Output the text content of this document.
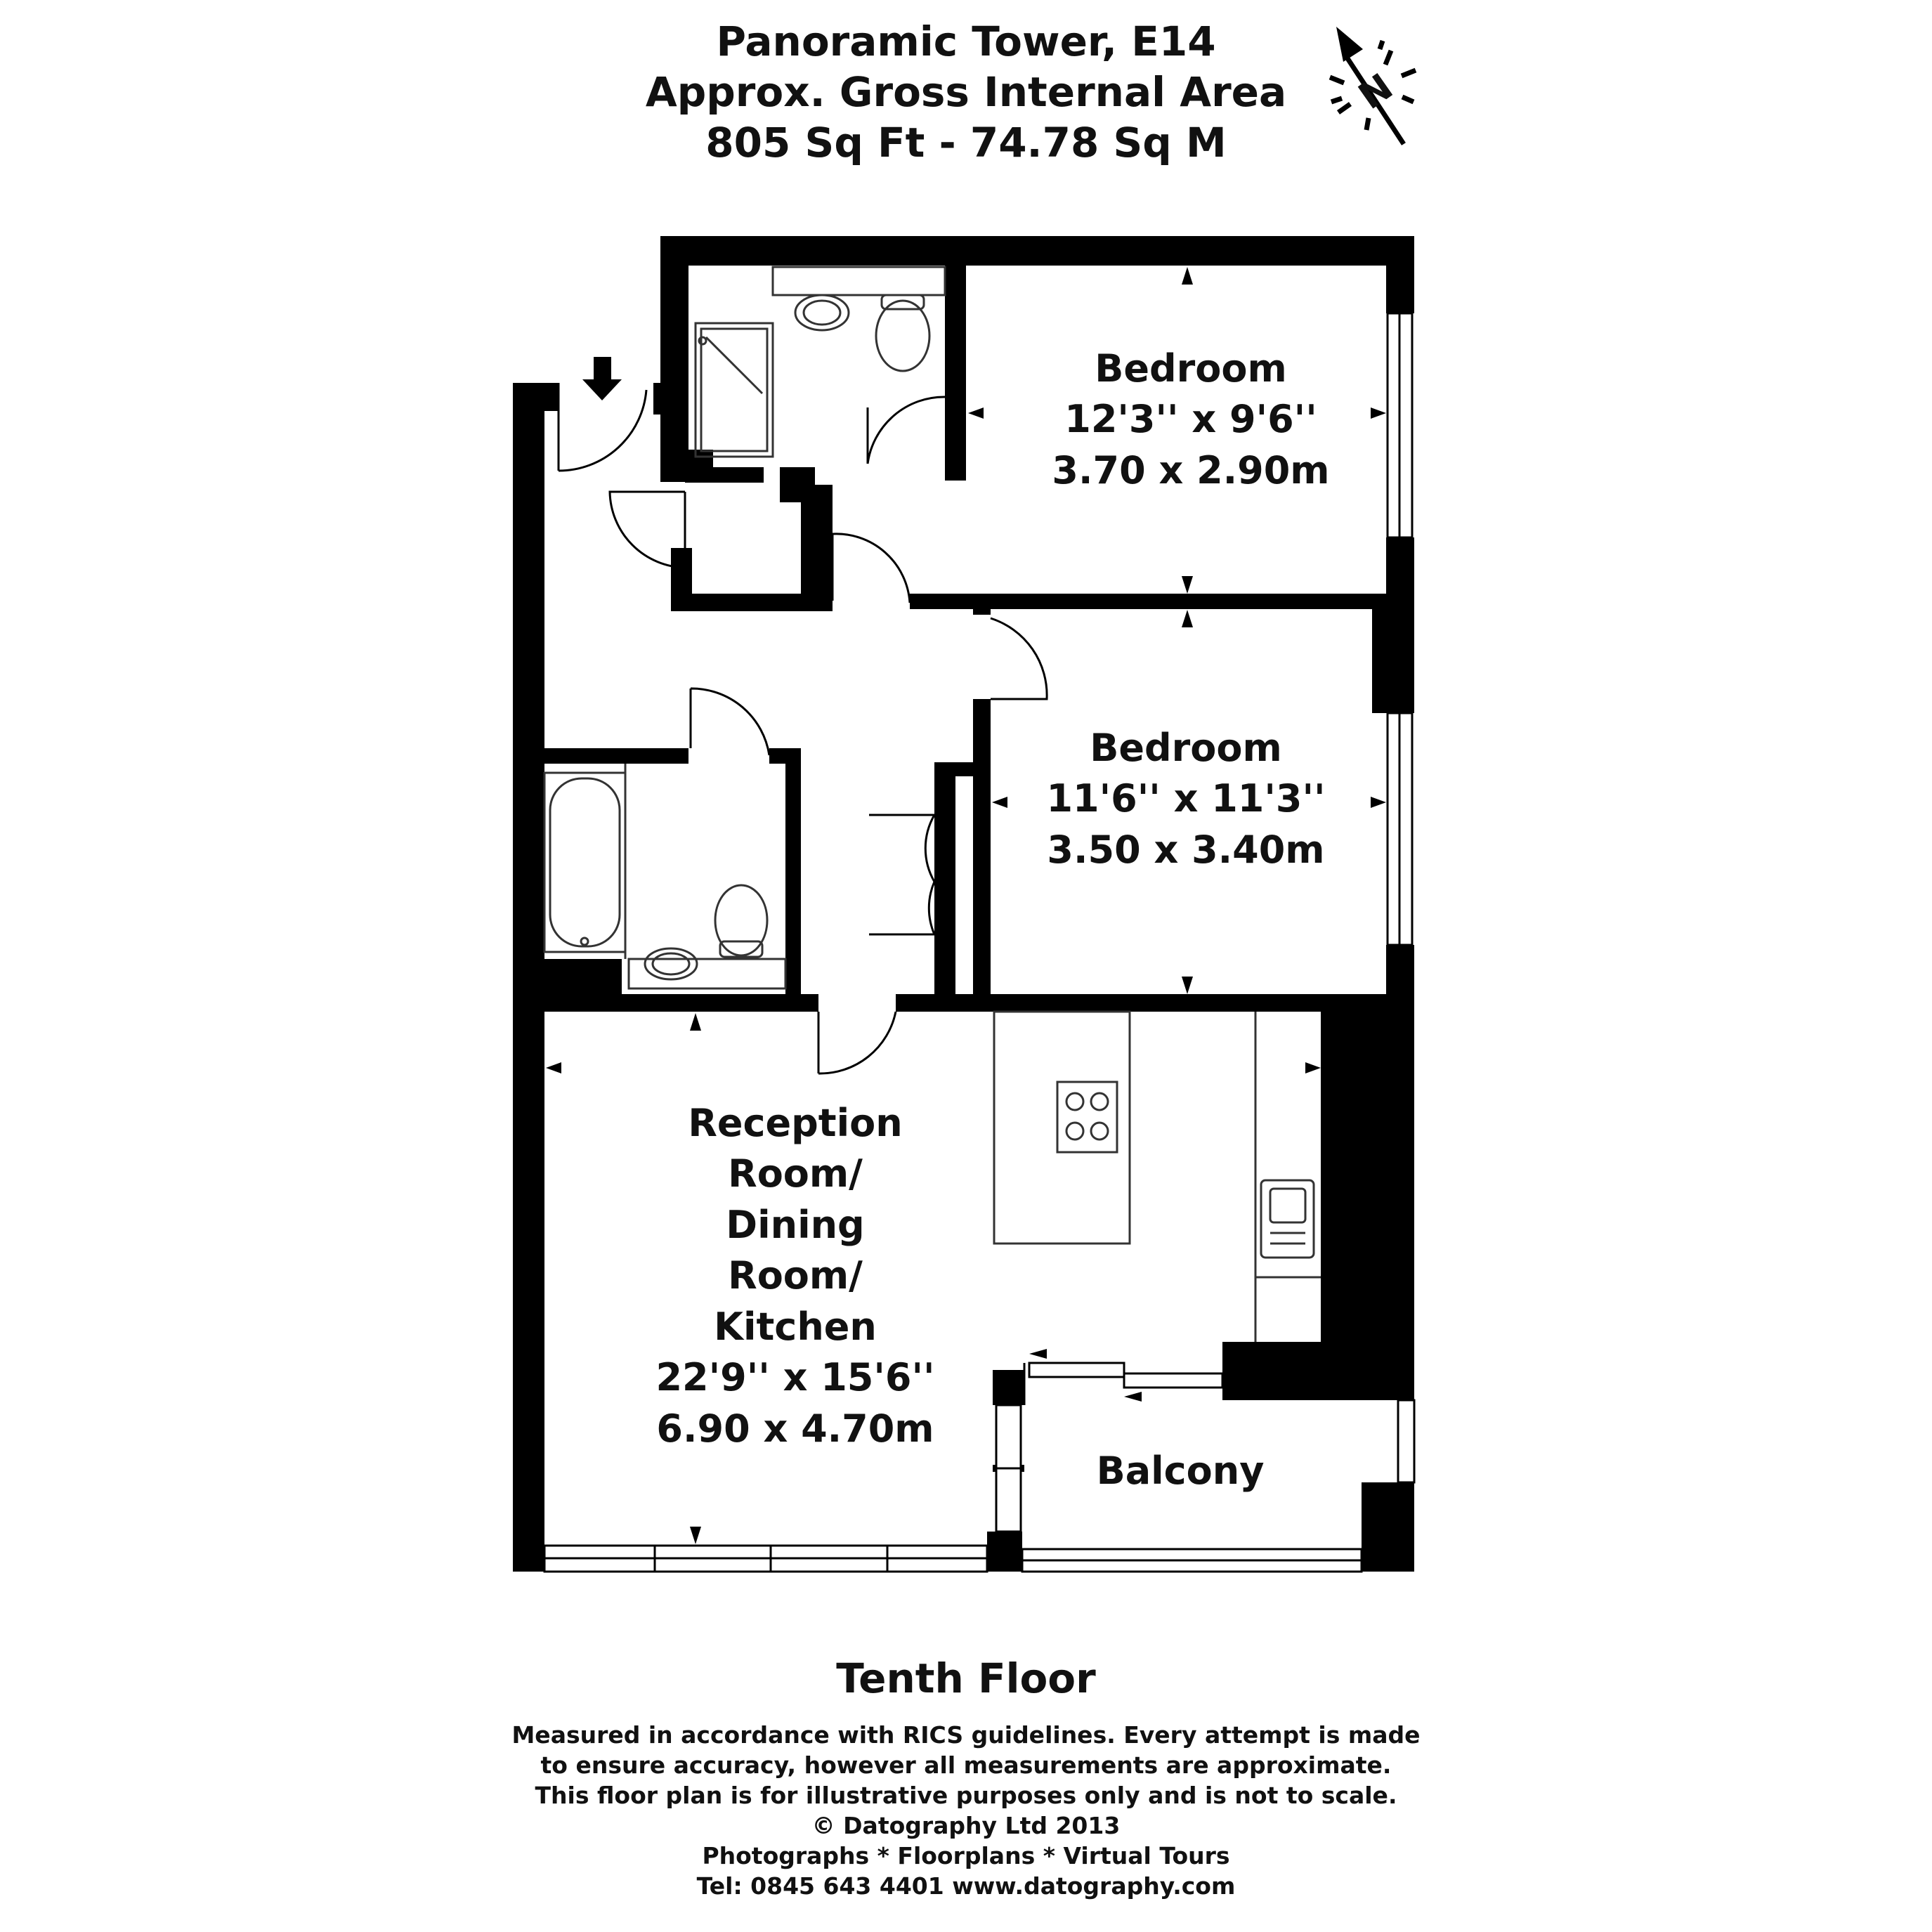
Panoramic Tower, E14
Approx. Gross Internal Area
805 Sq Ft - 74.78 Sq M
N
Bedroom
12'3'' x 9'6''
3.70 x 2.90m
Bedroom
11'6'' x 11'3''
3.50 x 3.40m
Reception
Room/
Dining
Room/
Kitchen
22'9'' x 15'6''
6.90 x 4.70m
Balcony
Tenth Floor
Measured in accordance with RICS guidelines. Every attempt is made
to ensure accuracy, however all measurements are approximate.
This floor plan is for illustrative purposes only and is not to scale.
© Datography Ltd 2013
Photographs * Floorplans * Virtual Tours
Tel: 0845 643 4401 www.datography.com
